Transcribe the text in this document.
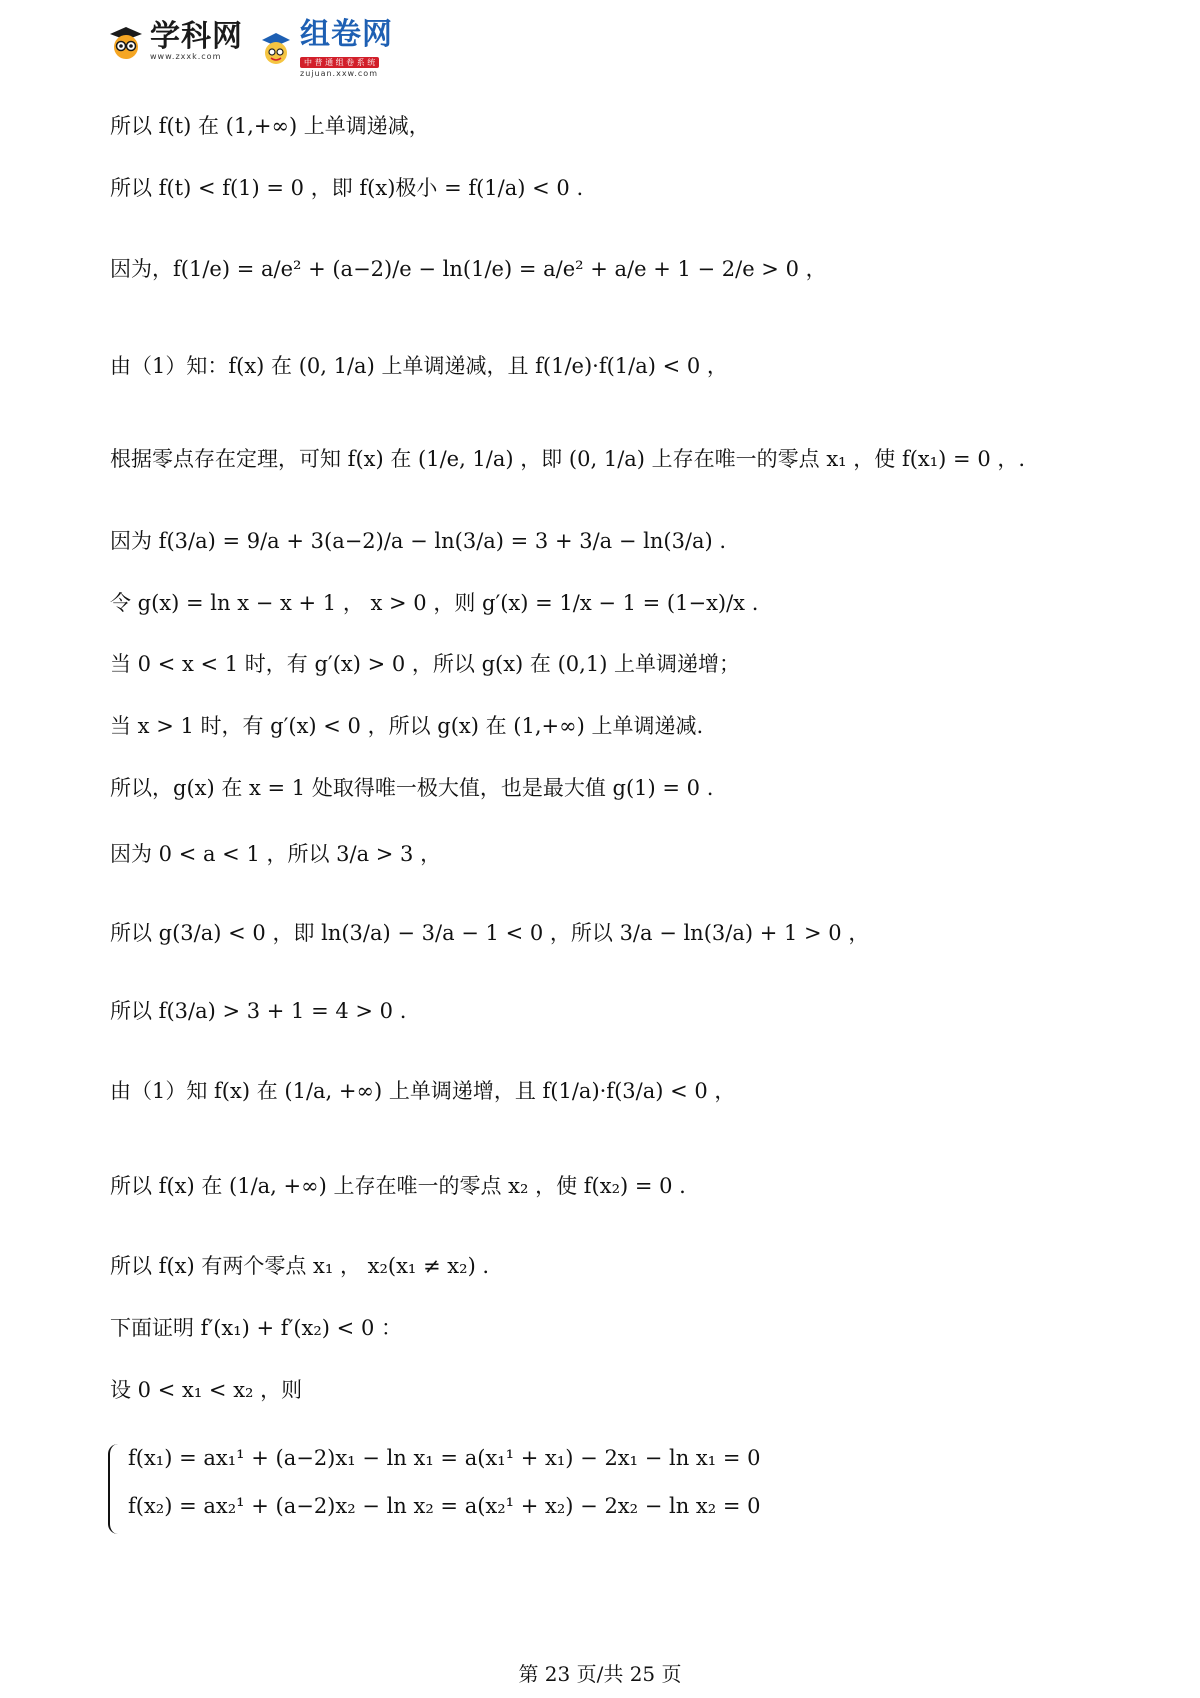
学科网
www.zxxk.com
组卷网
中 普 通 组 卷 系 统
zujuan.xxw.com
所以 f(t) 在 (1,+∞) 上单调递减，
所以 f(t) < f(1) = 0 ，即 f(x)极小 = f(1/a) < 0 .
因为，f(1/e) = a/e² + (a−2)/e − ln(1/e) = a/e² + a/e + 1 − 2/e > 0 ，
由（1）知：f(x) 在 (0, 1/a) 上单调递减，且 f(1/e)·f(1/a) < 0 ，
根据零点存在定理，可知 f(x) 在 (1/e, 1/a) ，即 (0, 1/a) 上存在唯一的零点 x₁ ，使 f(x₁) = 0 ，.
因为 f(3/a) = 9/a + 3(a−2)/a − ln(3/a) = 3 + 3/a − ln(3/a) .
令 g(x) = ln x − x + 1 ， x > 0 ，则 g′(x) = 1/x − 1 = (1−x)/x .
当 0 < x < 1 时，有 g′(x) > 0 ，所以 g(x) 在 (0,1) 上单调递增；
当 x > 1 时，有 g′(x) < 0 ，所以 g(x) 在 (1,+∞) 上单调递减.
所以，g(x) 在 x = 1 处取得唯一极大值，也是最大值 g(1) = 0 .
因为 0 < a < 1 ，所以 3/a > 3 ，
所以 g(3/a) < 0 ，即 ln(3/a) − 3/a − 1 < 0 ，所以 3/a − ln(3/a) + 1 > 0 ，
所以 f(3/a) > 3 + 1 = 4 > 0 .
由（1）知 f(x) 在 (1/a, +∞) 上单调递增，且 f(1/a)·f(3/a) < 0 ，
所以 f(x) 在 (1/a, +∞) 上存在唯一的零点 x₂ ，使 f(x₂) = 0 .
所以 f(x) 有两个零点 x₁ ， x₂(x₁ ≠ x₂) .
下面证明 f′(x₁) + f′(x₂) < 0 ：
设 0 < x₁ < x₂ ，则
f(x₁) = ax₁¹ + (a−2)x₁ − ln x₁ = a(x₁¹ + x₁) − 2x₁ − ln x₁ = 0
f(x₂) = ax₂¹ + (a−2)x₂ − ln x₂ = a(x₂¹ + x₂) − 2x₂ − ln x₂ = 0
第 23 页/共 25 页
